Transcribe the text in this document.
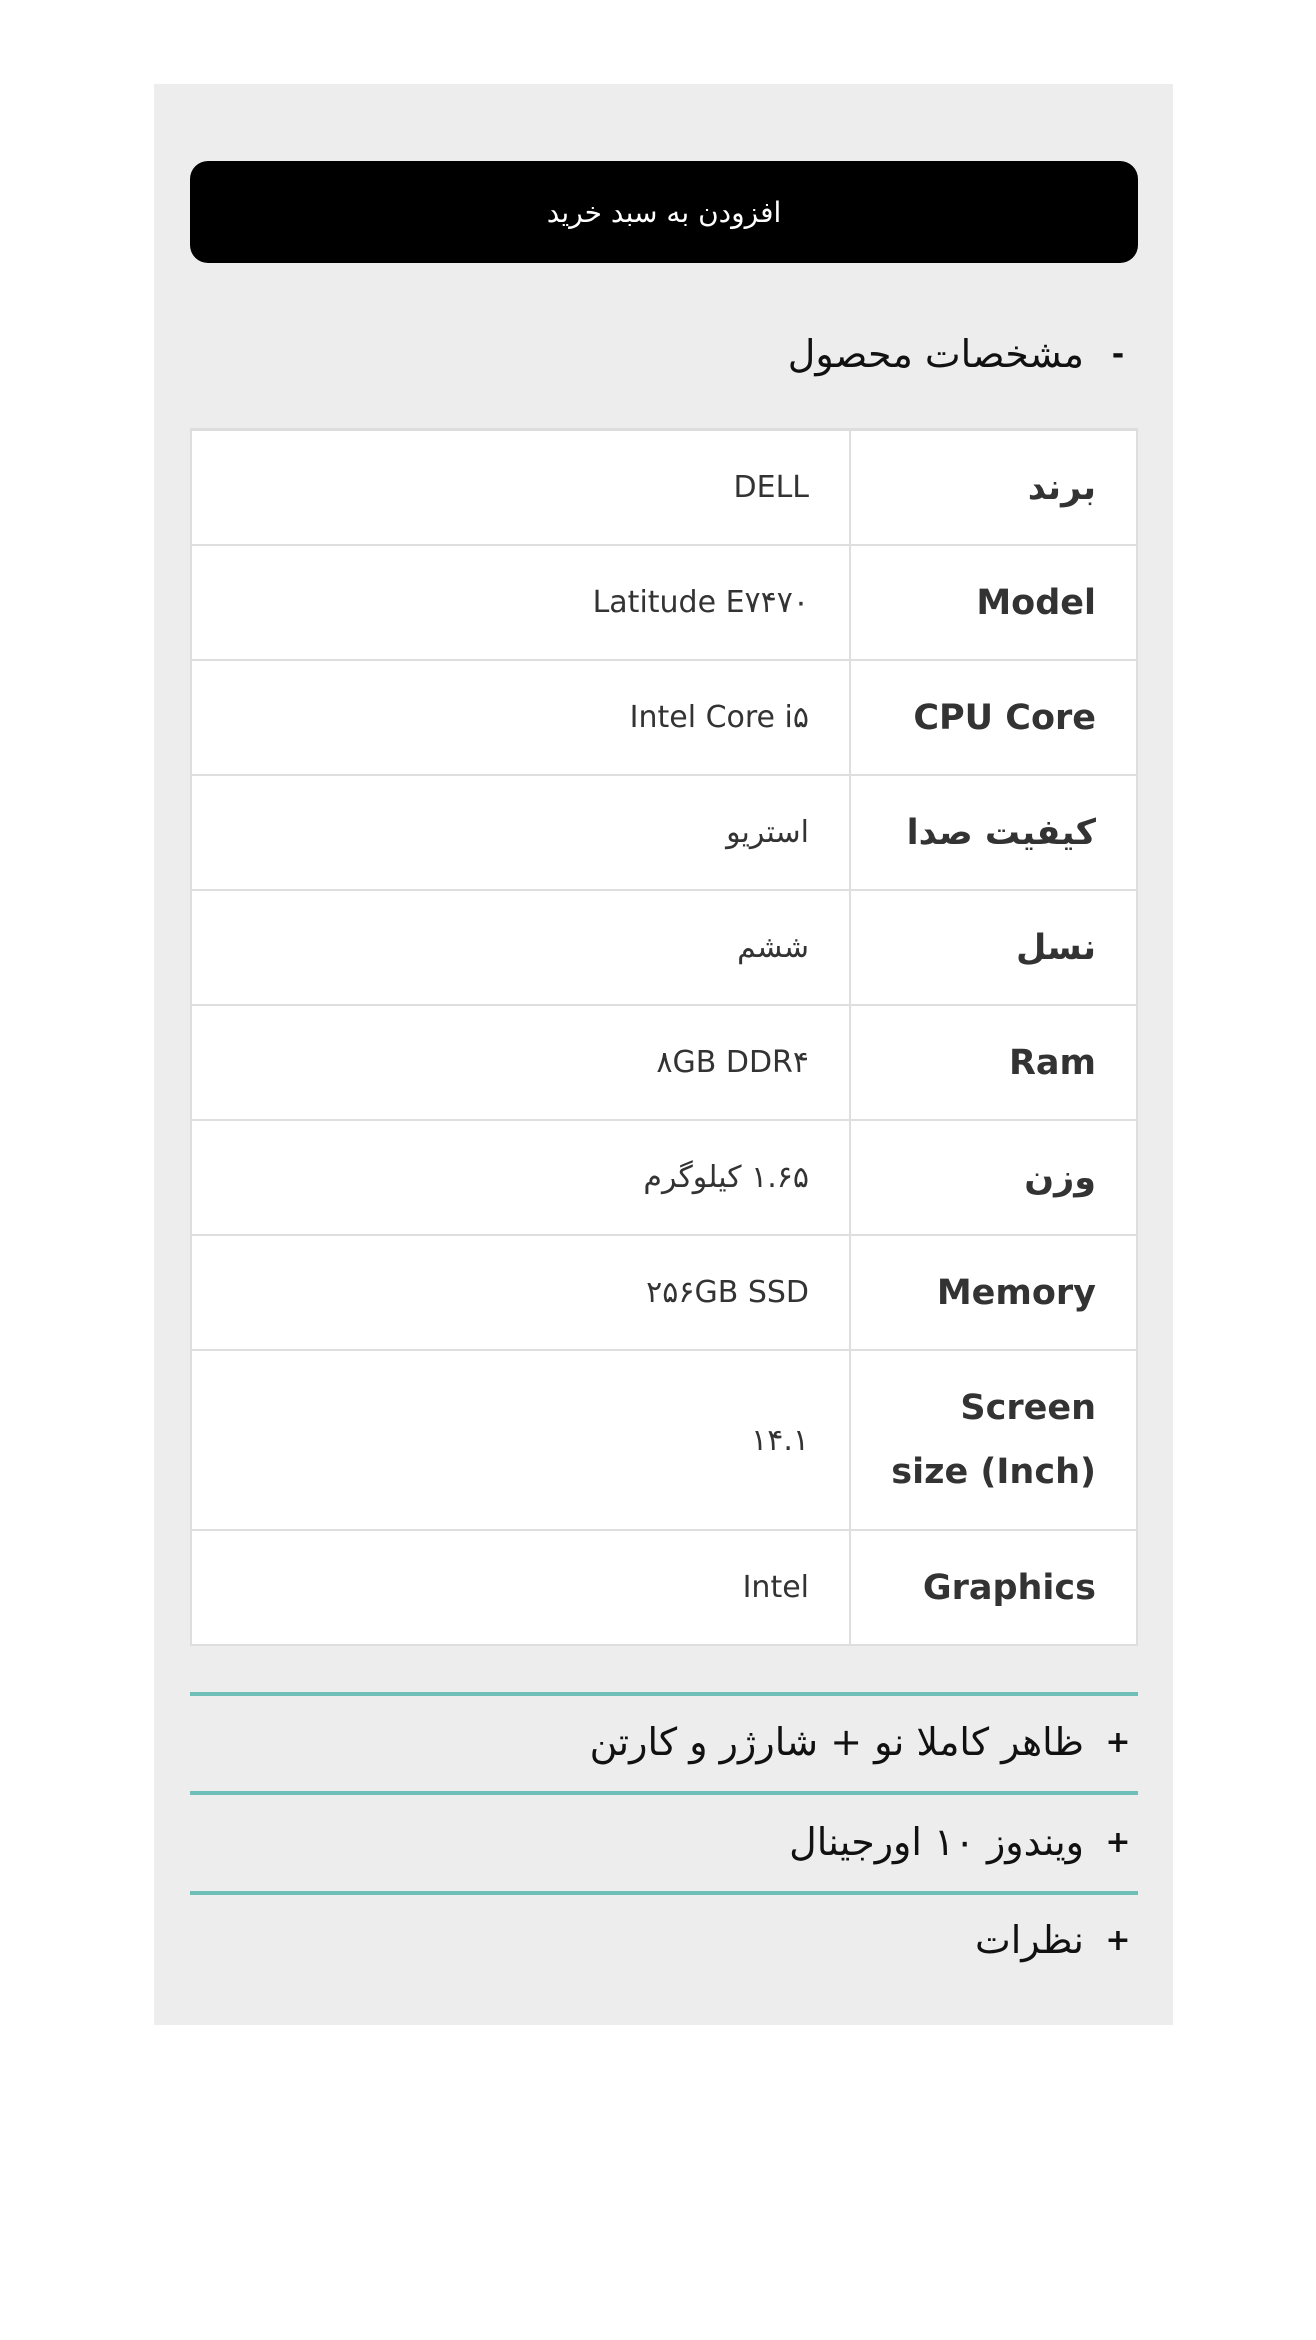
افزودن به سبد خرید
-
مشخصات محصول
برند	DELL
Model	Latitude E۷۴۷۰
CPU Core	Intel Core i۵
کیفیت صدا	استریو
نسل	ششم
Ram	۸GB DDR۴
وزن	۱.۶۵ کیلوگرم
Memory	۲۵۶GB SSD
Screen size (Inch)	۱۴.۱
Graphics	Intel
+
ظاهر کاملا نو + شارژر و کارتن
+
ویندوز ۱۰ اورجینال
+
نظرات
